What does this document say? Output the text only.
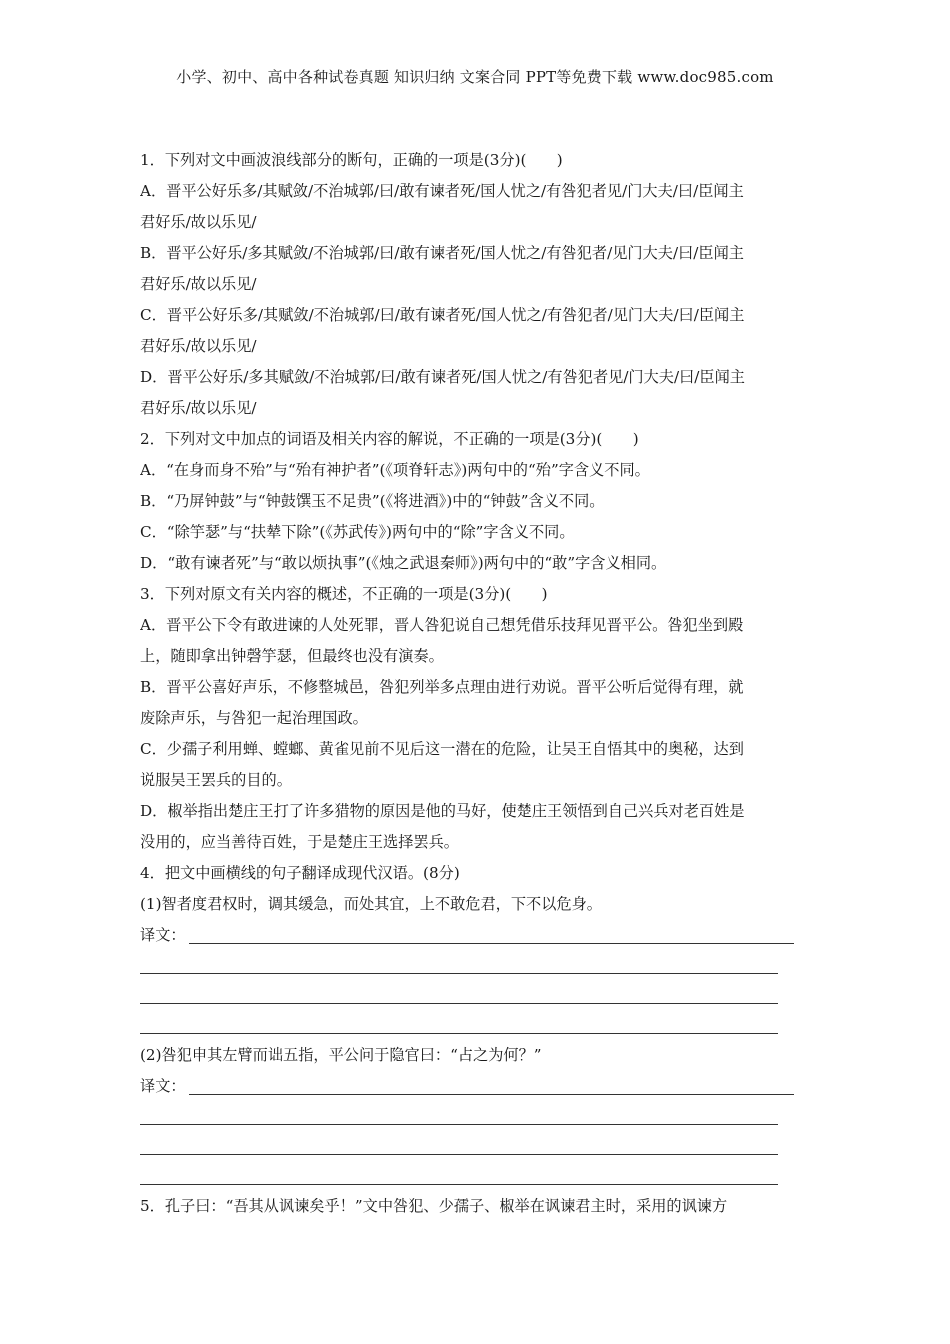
小学、初中、高中各种试卷真题 知识归纳 文案合同 PPT等免费下载 www.doc985.com
1．下列对文中画波浪线部分的断句，正确的一项是(3分)(　　)
A．晋平公好乐多/其赋敛/不治城郭/曰/敢有谏者死/国人忧之/有咎犯者见/门大夫/曰/臣闻主
君好乐/故以乐见/
B．晋平公好乐/多其赋敛/不治城郭/曰/敢有谏者死/国人忧之/有咎犯者/见门大夫/曰/臣闻主
君好乐/故以乐见/
C．晋平公好乐多/其赋敛/不治城郭/曰/敢有谏者死/国人忧之/有咎犯者/见门大夫/曰/臣闻主
君好乐/故以乐见/
D．晋平公好乐/多其赋敛/不治城郭/曰/敢有谏者死/国人忧之/有咎犯者见/门大夫/曰/臣闻主
君好乐/故以乐见/
2．下列对文中加点的词语及相关内容的解说，不正确的一项是(3分)(　　)
A．“在身而身不殆”与“殆有神护者”(《项脊轩志》)两句中的“殆”字含义不同。
B．“乃屏钟鼓”与“钟鼓馔玉不足贵”(《将进酒》)中的“钟鼓”含义不同。
C．“除竽瑟”与“扶辇下除”(《苏武传》)两句中的“除”字含义不同。
D．“敢有谏者死”与“敢以烦执事”(《烛之武退秦师》)两句中的“敢”字含义相同。
3．下列对原文有关内容的概述，不正确的一项是(3分)(　　)
A．晋平公下令有敢进谏的人处死罪，晋人咎犯说自己想凭借乐技拜见晋平公。咎犯坐到殿
上，随即拿出钟磬竽瑟，但最终也没有演奏。
B．晋平公喜好声乐，不修整城邑，咎犯列举多点理由进行劝说。晋平公听后觉得有理，就
废除声乐，与咎犯一起治理国政。
C．少孺子利用蝉、螳螂、黄雀见前不见后这一潜在的危险，让吴王自悟其中的奥秘，达到
说服吴王罢兵的目的。
D．椒举指出楚庄王打了许多猎物的原因是他的马好，使楚庄王领悟到自己兴兵对老百姓是
没用的，应当善待百姓，于是楚庄王选择罢兵。
4．把文中画横线的句子翻译成现代汉语。(8分)
(1)智者度君权时，调其缓急，而处其宜，上不敢危君，下不以危身。
译文：
(2)咎犯申其左臂而诎五指，平公问于隐官曰：“占之为何？”
译文：
5．孔子曰：“吾其从讽谏矣乎！”文中咎犯、少孺子、椒举在讽谏君主时，采用的讽谏方
